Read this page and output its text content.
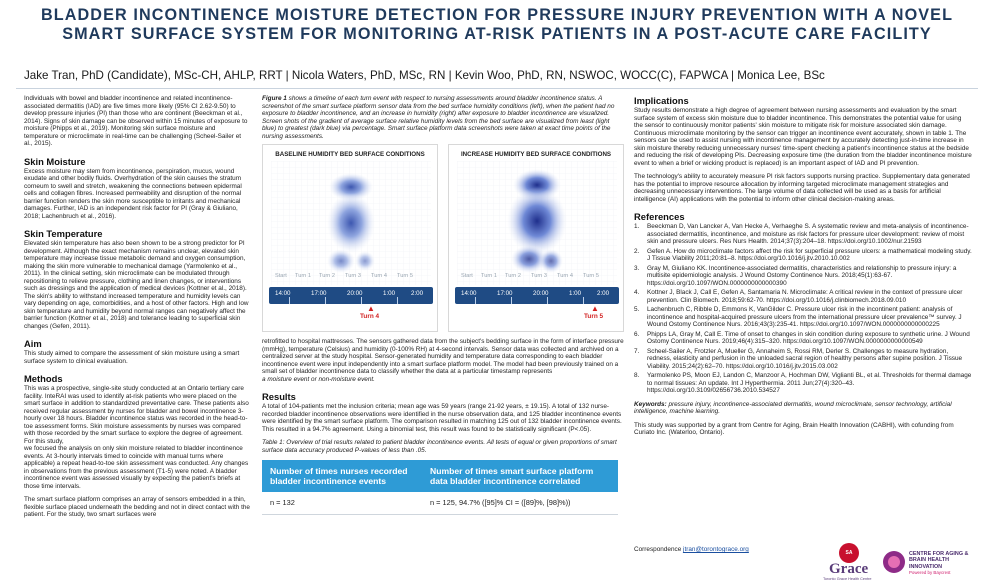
BLADDER INCONTINENCE MOISTURE DETECTION FOR PRESSURE INJURY PREVENTION WITH A NOVEL SMART SURFACE SYSTEM FOR MONITORING AT-RISK PATIENTS IN A POST-ACUTE CARE FACILITY
Jake Tran, PhD (Candidate), MSc-CH, AHLP, RRT | Nicola Waters, PhD, MSc, RN | Kevin Woo, PhD, RN, NSWOC, WOCC(C), FAPWCA | Monica Lee, BSc

Individuals with bowel and bladder incontinence and related incontinence-associated dermatitis (IAD) are five times more likely (95% CI 2.62-9.50) to develop pressure injuries (PI) than those who are continent (Beeckman et al., 2014). Signs of skin damage can be observed within 15 minutes of exposure to moisture (Phipps et al., 2019). Monitoring skin surface moisture and temperature or microclimate in real-time can be challenging (Scheel-Sailer et al., 2015).

Skin Moisture

Excess moisture may stem from incontinence, perspiration, mucus, wound exudate and other bodily fluids. Overhydration of the skin causes the stratum corneum to swell and stretch, weakening the connections between epidermal cells and collagen fibres. Increased permeability and disruption of the normal barrier function renders the skin more susceptible to irritants and mechanical damages. Further, IAD is an independent risk factor for PI (Gray & Giuliano, 2018; Lachenbruch et al., 2016).

Skin Temperature

Elevated skin temperature has also been shown to be a strong predictor for PI development. Although the exact mechanism remains unclear, elevated skin temperature may increase tissue metabolic demand and oxygen consumption, making the skin more vulnerable to mechanical damage (Yarmolenko et al., 2011). In the clinical setting, skin microclimate can be modulated through repositioning to relieve pressure, clothing and linen changes, or interventions such as dressings and the application of medical devices (Kottner et al., 2018). The skin's ability to withstand increased temperature and humidity levels can vary depending on age, comorbidities, and a host of other factors. High and low skin temperature and humidity beyond normal ranges can negatively affect the barrier function (Kottner et al., 2018) and tolerance leading to superficial skin changes (Gefen, 2011).

Aim

This study aimed to compare the assessment of skin moisture using a smart surface system to clinical evaluation.

Methods

This was a prospective, single-site study conducted at an Ontario tertiary care facility. InteRAI was used to identify at-risk patients who were placed on the smart surface in addition to standardized preventative care. These patients also received regular assessment by nurses for bladder and bowel incontinence 3-hourly over 18 hours. Bladder incontinence status was recorded in the head-to-toe assessment forms. Skin moisture assessments by nurses was compared with those recorded by the smart surface to explore the degree of agreement. For this study,

we focused the analysis on only skin moisture related to bladder incontinence events. At 3-hourly intervals timed to coincide with manual turns where applicable) a repeat head-to-toe skin assessment was conducted. Any changes in observations from the previous assessment (T1-5) were noted. A bladder incontinence event was assessed visually by expecting the patient's briefs at those time intervals.

The smart surface platform comprises an array of sensors embedded in a thin, flexible surface placed underneath the bedding and not in direct contact with the patient. For the study, two smart surfaces were

Figure 1 shows a timeline of each turn event with respect to nursing assessments around bladder incontinence status. A screenshot of the smart surface platform sensor data from the bed surface humidity conditions (left), when the patient had no exposure to bladder incontinence, and an increase in humidity (right) after exposure to bladder incontinence are visualized. Screen shots of the gradient of average surface relative humidity levels from the bed surface are visualized from least (light blue) to greatest (dark blue) via percentage. Smart surface platform data screenshots were taken at exact time points of the nursing assessments.

BASELINE HUMIDITY BED SURFACE CONDITIONS
Start Turn 1 Turn 2 Turn 3 Turn 4 Turn 5
14:00	17:00	20:00	1:00	2:00
▲
Turn 4
INCREASE HUMIDITY BED SURFACE CONDITIONS
Start Turn 1 Turn 2 Turn 3 Turn 4 Turn 5
14:00	17:00	20:00	1:00	2:00
▲
Turn 5

retrofitted to hospital mattresses. The sensors gathered data from the subject's bedding surface in the form of interface pressure (mmHg), temperature (Celsius) and humidity (0-100% RH) at 4-second intervals. Sensor data was collected and archived on a centralized server at the study hospital. Sensor-generated humidity and temperature data corresponding to each bladder incontinence event were input independently into a smart surface platform model. The model had been previously trained on a small set of bladder incontinence data to classify whether the data at a particular timestamp represents

a moisture event or non-moisture event.

Results

A total of 104-patients met the inclusion criteria; mean age was 59 years (range 21-92 years, ± 19.15). A total of 132 nurse-recorded bladder incontinence observations were identified in the nurse observation data, and 125 bladder incontinence events were identified by the smart surface platform. The comparison resulted in matching 125 out of 132 bladder incontinence events. This resulted in a 94.7% agreement. Using a binomial test, this result was found to be statistically significant (P<.05).

Table 1: Overview of trial results related to patient bladder incontinence events. All tests of equal or given proportions of smart surface data accuracy produced P-values of less than .05.

Number of times nurses recorded bladder incontinence events	Number of times smart surface platform data bladder incontinence correlated
n = 132	n = 125, 94.7% ([95]% CI = ([89]%, [98]%))
Implications

Study results demonstrate a high degree of agreement between nursing assessments and evaluation by the smart surface system of excess skin moisture due to bladder incontinence. This demonstrates the potential value for using the sensor to continuously monitor patients' skin moisture to mitigate risk for moisture associated skin damage. Continuous microclimate monitoring by the sensor can trigger an incontinence event accurately, shown in table 1. The sensors can be used to assist nursing with incontinence management by accurately detecting just-in-time increase in skin moisture thereby reducing unnecessary nurses' time-spent checking a patient's incontinence status at the bedside and reducing the risk of developing PIs. Decreasing exposure time (the duration from the bladder incontinence moisture event to when a brief or wicking product is replaced) is an important aspect of IAD and PI prevention.

The technology's ability to accurately measure PI risk factors supports nursing practice. Supplementary data generated has the potential to improve resource allocation by informing targeted microclimate management strategies and decreasing unnecessary interventions. The large volume of data collected will be used as a basis for artificial intelligence (AI) applications with the potential to inform other clinical decision-making areas.

References
1. Beeckman D, Van Lancker A, Van Hecke A, Verhaeghe S. A systematic review and meta-analysis of incontinence-associated dermatitis, incontinence, and moisture as risk factors for pressure ulcer development: review of moist skin and pressure ulcers. Res Nurs Health. 2014;37(3):204–18. https://doi.org/10.1002/nur.21593
2. Gefen A. How do microclimate factors affect the risk for superficial pressure ulcers: a mathematical modeling study. J Tissue Viability 2011;20:81–8. https://doi.org/10.1016/j.jtv.2010.10.002
3. Gray M, Giuliano KK. Incontinence-associated dermatitis, characteristics and relationship to pressure injury: a multisite epidemiologic analysis. J Wound Ostomy Continence Nurs. 2018;45(1):63-67. https://doi.org/10.1097/WON.0000000000000390
4. Kottner J, Black J, Call E, Gefen A, Santamaria N. Microclimate: A critical review in the context of pressure ulcer prevention. Clin Biomech. 2018;59:62-70. https://doi.org/10.1016/j.clinbiomech.2018.09.010
5. Lachenbruch C, Ribble D, Emmons K, VanGilder C. Pressure ulcer risk in the incontinent patient: analysis of incontinence and hospital-acquired pressure ulcers from the international pressure ulcer prevalence™ survey. J Wound Ostomy Continence Nurs. 2016;43(3):235-41. https://doi.org/10.1097/WON.0000000000000225
6. Phipps LA, Gray M, Call E. Time of onset to changes in skin condition during exposure to synthetic urine. J Wound Ostomy Continence Nurs. 2019;46(4):315–320. https://doi.org/10.1097/WON.0000000000000549
7. Scheel-Sailer A, Frotzler A, Mueller G, Annaheim S, Rossi RM, Derler S. Challenges to measure hydration, redness, elasticity and perfusion in the unloaded sacral region of healthy persons after supine position. J Tissue Viability. 2015;24(2):62–70. https://doi.org/10.1016/j.jtv.2015.03.002
8. Yarmolenko PS, Moon EJ, Landon C, Manzoor A, Hochman DW, Viglianti BL, et al. Thresholds for thermal damage to normal tissues: An update. Int J Hyperthermia. 2011 Jun;27(4):320–43. https://doi.org/10.3109/02656736.2010.534527

Keywords: pressure injury, incontinence-associated dermatitis, wound microclimate, sensor technology, artificial intelligence, machine learning.

This study was supported by a grant from Centre for Aging, Brain Health Innovation (CABHI), with cofunding from Curiato Inc. (Waterloo, Ontario).

Correspondence jtran@torontograce.org	SA
Grace
Toronto Grace Health Centre
CENTRE FOR AGING & BRAIN HEALTH INNOVATION
Powered by Baycrest
